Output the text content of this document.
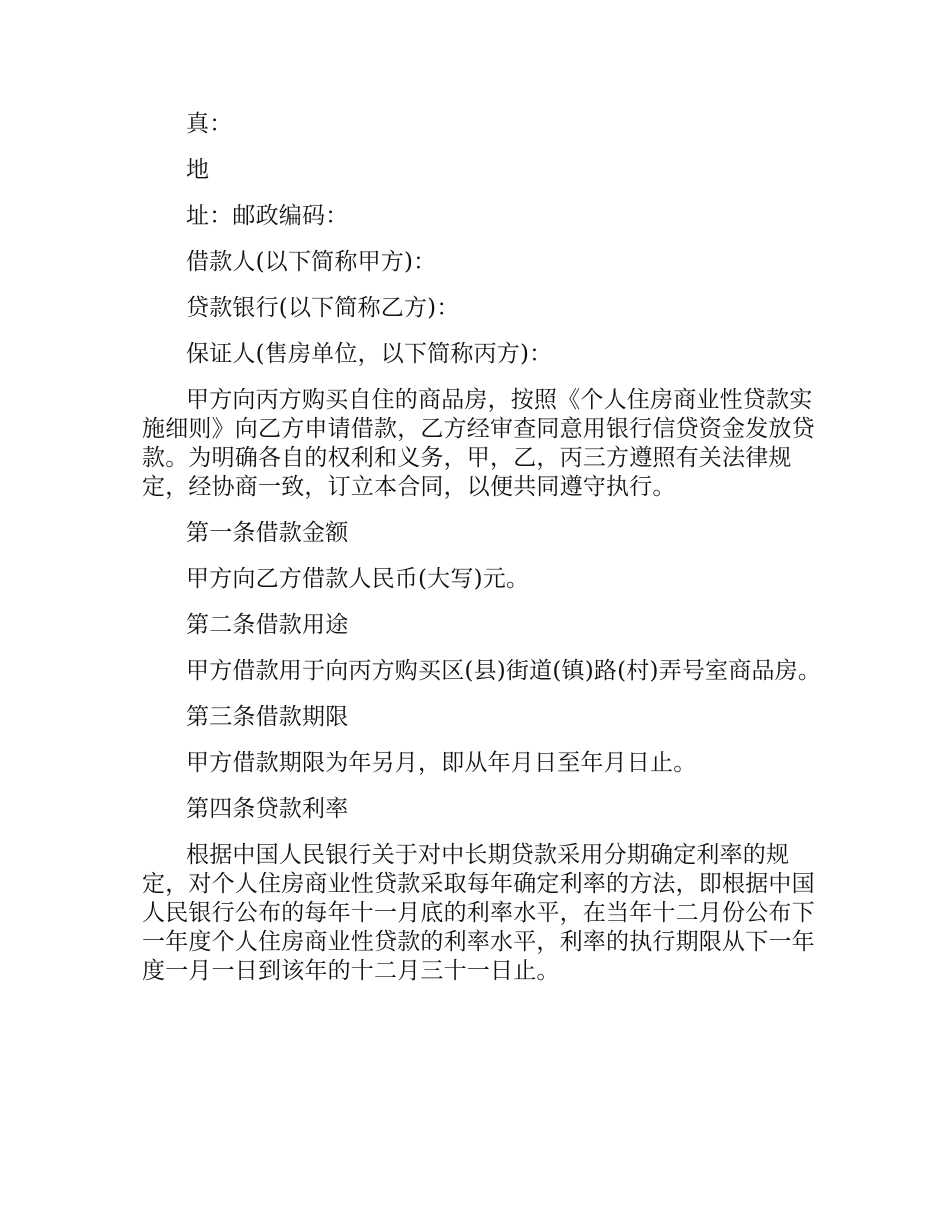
真：

地

址：邮政编码：

借款人(以下简称甲方)：

贷款银行(以下简称乙方)：

保证人(售房单位，以下简称丙方)：

甲方向丙方购买自住的商品房，按照《个人住房商业性贷款实施细则》向乙方申请借款，乙方经审查同意用银行信贷资金发放贷款。为明确各自的权利和义务，甲，乙，丙三方遵照有关法律规定，经协商一致，订立本合同，以便共同遵守执行。

第一条借款金额

甲方向乙方借款人民币(大写)元。

第二条借款用途

甲方借款用于向丙方购买区(县)街道(镇)路(村)弄号室商品房。

第三条借款期限

甲方借款期限为年另月，即从年月日至年月日止。

第四条贷款利率

根据中国人民银行关于对中长期贷款采用分期确定利率的规定，对个人住房商业性贷款采取每年确定利率的方法，即根据中国人民银行公布的每年十一月底的利率水平，在当年十二月份公布下一年度个人住房商业性贷款的利率水平，利率的执行期限从下一年度一月一日到该年的十二月三十一日止。
